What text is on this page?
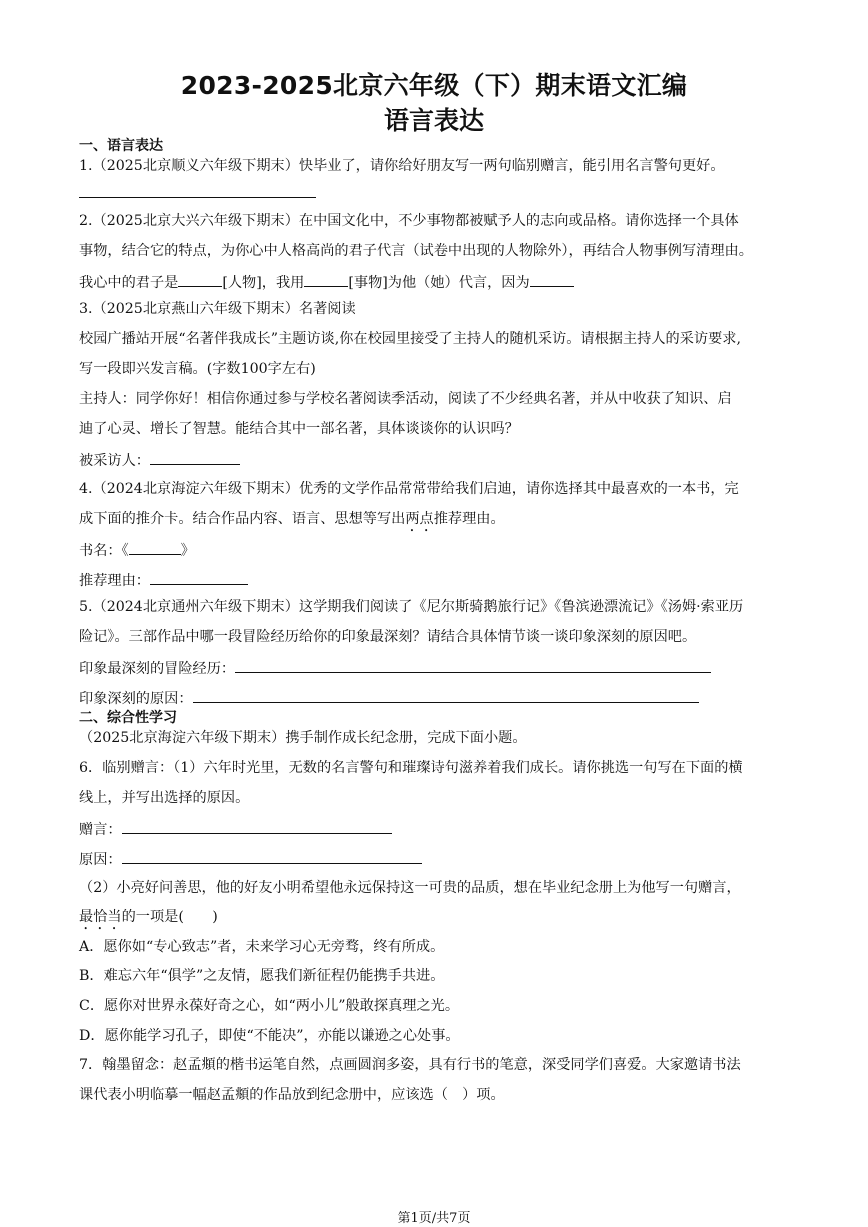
2023-2025北京六年级（下）期末语文汇编
语言表达
一、语言表达
1.（2025北京顺义六年级下期末）快毕业了，请你给好朋友写一两句临别赠言，能引用名言警句更好。
2.（2025北京大兴六年级下期末）在中国文化中，不少事物都被赋予人的志向或品格。请你选择一个具体
事物，结合它的特点，为你心中人格高尚的君子代言（试卷中出现的人物除外），再结合人物事例写清理由。
我心中的君子是	[人物]，我用	[事物]为他（她）代言，因为
3.（2025北京燕山六年级下期末）名著阅读
校园广播站开展“名著伴我成长”主题访谈,你在校园里接受了主持人的随机采访。请根据主持人的采访要求,
写一段即兴发言稿。(字数100字左右)
主持人：同学你好！相信你通过参与学校名著阅读季活动，阅读了不少经典名著，并从中收获了知识、启
迪了心灵、增长了智慧。能结合其中一部名著，具体谈谈你的认识吗？
被采访人：
4.（2024北京海淀六年级下期末）优秀的文学作品常常带给我们启迪，请你选择其中最喜欢的一本书，完
成下面的推介卡。结合作品内容、语言、思想等写出两点推荐理由。
书名：《	》
推荐理由：
5.（2024北京通州六年级下期末）这学期我们阅读了《尼尔斯骑鹅旅行记》《鲁滨逊漂流记》《汤姆·索亚历
险记》。三部作品中哪一段冒险经历给你的印象最深刻？请结合具体情节谈一谈印象深刻的原因吧。
印象最深刻的冒险经历：
印象深刻的原因：
二、综合性学习
（2025北京海淀六年级下期末）携手制作成长纪念册，完成下面小题。
6．临别赠言：（1）六年时光里，无数的名言警句和璀璨诗句滋养着我们成长。请你挑选一句写在下面的横
线上，并写出选择的原因。
赠言：
原因：
（2）小亮好问善思，他的好友小明希望他永远保持这一可贵的品质，想在毕业纪念册上为他写一句赠言，
最恰当的一项是(　　)
A．愿你如“专心致志”者，未来学习心无旁骛，终有所成。
B．难忘六年“俱学”之友情，愿我们新征程仍能携手共进。
C．愿你对世界永葆好奇之心，如“两小儿”般敢探真理之光。
D．愿你能学习孔子，即使“不能决”，亦能以谦逊之心处事。
7．翰墨留念：赵孟頫的楷书运笔自然，点画圆润多姿，具有行书的笔意，深受同学们喜爱。大家邀请书法
课代表小明临摹一幅赵孟頫的作品放到纪念册中，应该选（　）项。
第1页/共7页
